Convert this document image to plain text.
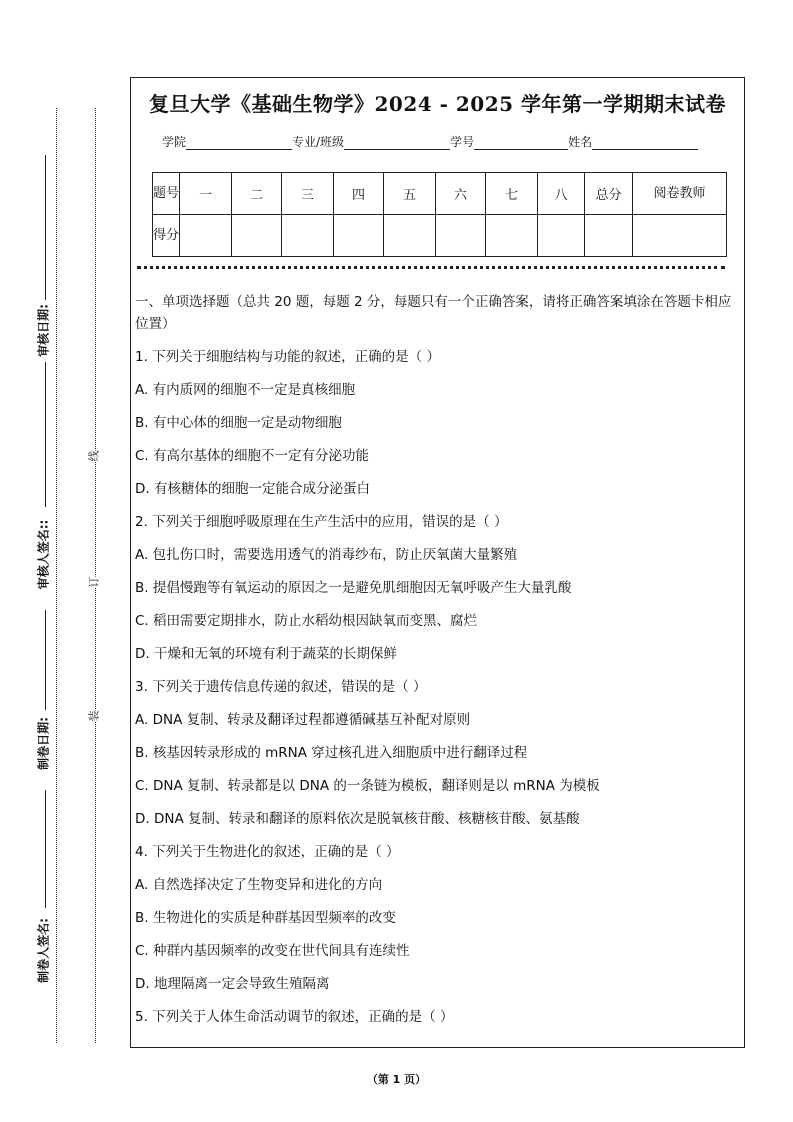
审核日期:
审核人签名::
制卷日期:
制卷人签名:
线
订
装
复旦大学《基础生物学》2024 - 2025 学年第一学期期末试卷
学院	专业/班级	学号	姓名
题号	一	二	三	四	五	六	七	八	总分	阅卷教师
得分										
一、单项选择题（总共 20 题，每题 2 分，每题只有一个正确答案，请将正确答案填涂在答题卡相应位置）
1. 下列关于细胞结构与功能的叙述，正确的是（ ）
A. 有内质网的细胞不一定是真核细胞
B. 有中心体的细胞一定是动物细胞
C. 有高尔基体的细胞不一定有分泌功能
D. 有核糖体的细胞一定能合成分泌蛋白
2. 下列关于细胞呼吸原理在生产生活中的应用，错误的是（ ）
A. 包扎伤口时，需要选用透气的消毒纱布，防止厌氧菌大量繁殖
B. 提倡慢跑等有氧运动的原因之一是避免肌细胞因无氧呼吸产生大量乳酸
C. 稻田需要定期排水，防止水稻幼根因缺氧而变黑、腐烂
D. 干燥和无氧的环境有利于蔬菜的长期保鲜
3. 下列关于遗传信息传递的叙述，错误的是（ ）
A. DNA 复制、转录及翻译过程都遵循碱基互补配对原则
B. 核基因转录形成的 mRNA 穿过核孔进入细胞质中进行翻译过程
C. DNA 复制、转录都是以 DNA 的一条链为模板，翻译则是以 mRNA 为模板
D. DNA 复制、转录和翻译的原料依次是脱氧核苷酸、核糖核苷酸、氨基酸
4. 下列关于生物进化的叙述，正确的是（ ）
A. 自然选择决定了生物变异和进化的方向
B. 生物进化的实质是种群基因型频率的改变
C. 种群内基因频率的改变在世代间具有连续性
D. 地理隔离一定会导致生殖隔离
5. 下列关于人体生命活动调节的叙述，正确的是（ ）
（第 1 页）
